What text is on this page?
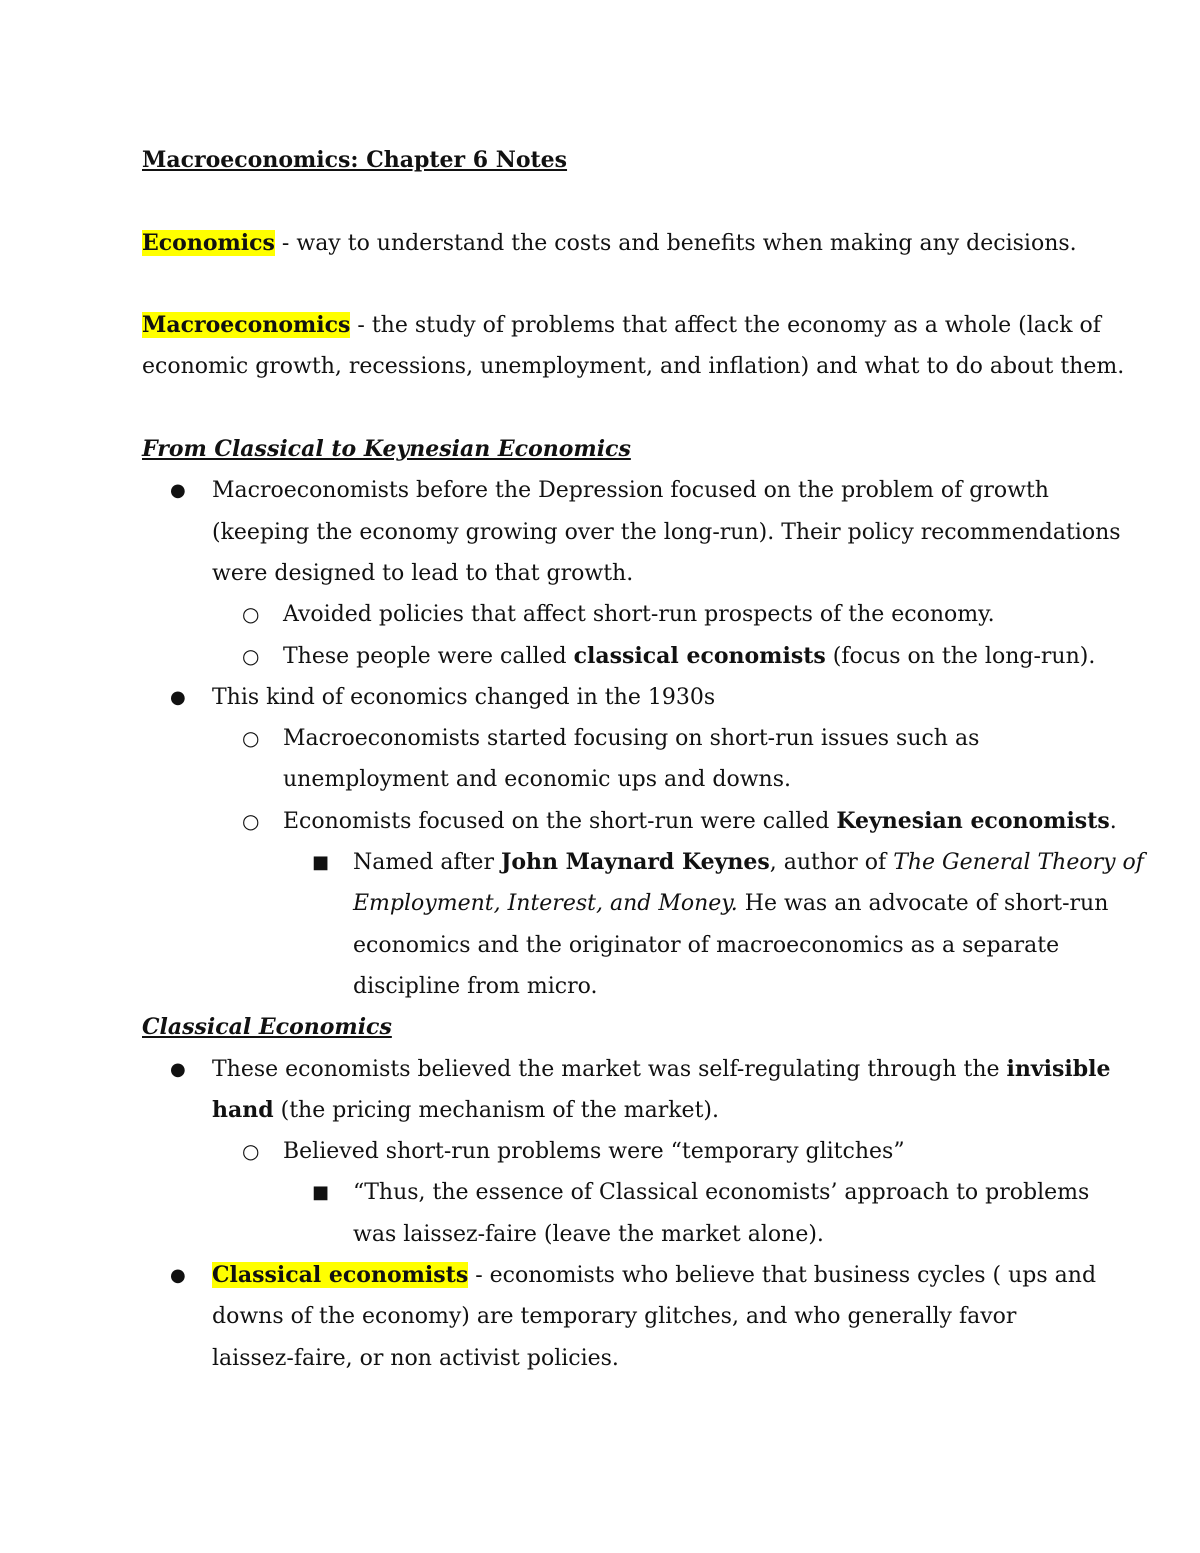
Macroeconomics: Chapter 6 Notes
Economics - way to understand the costs and benefits when making any decisions.
Macroeconomics - the study of problems that affect the economy as a whole (lack of
economic growth, recessions, unemployment, and inflation) and what to do about them.
From Classical to Keynesian Economics
● Macroeconomists before the Depression focused on the problem of growth
(keeping the economy growing over the long-run). Their policy recommendations
were designed to lead to that growth.
○ Avoided policies that affect short-run prospects of the economy.
○ These people were called classical economists (focus on the long-run).
● This kind of economics changed in the 1930s
○ Macroeconomists started focusing on short-run issues such as
unemployment and economic ups and downs.
○ Economists focused on the short-run were called Keynesian economists.
■ Named after John Maynard Keynes, author of The General Theory of
Employment, Interest, and Money. He was an advocate of short-run
economics and the originator of macroeconomics as a separate
discipline from micro.
Classical Economics
● These economists believed the market was self-regulating through the invisible
hand (the pricing mechanism of the market).
○ Believed short-run problems were “temporary glitches”
■ “Thus, the essence of Classical economists’ approach to problems
was laissez-faire (leave the market alone).
● Classical economists - economists who believe that business cycles ( ups and
downs of the economy) are temporary glitches, and who generally favor
laissez-faire, or non activist policies.
